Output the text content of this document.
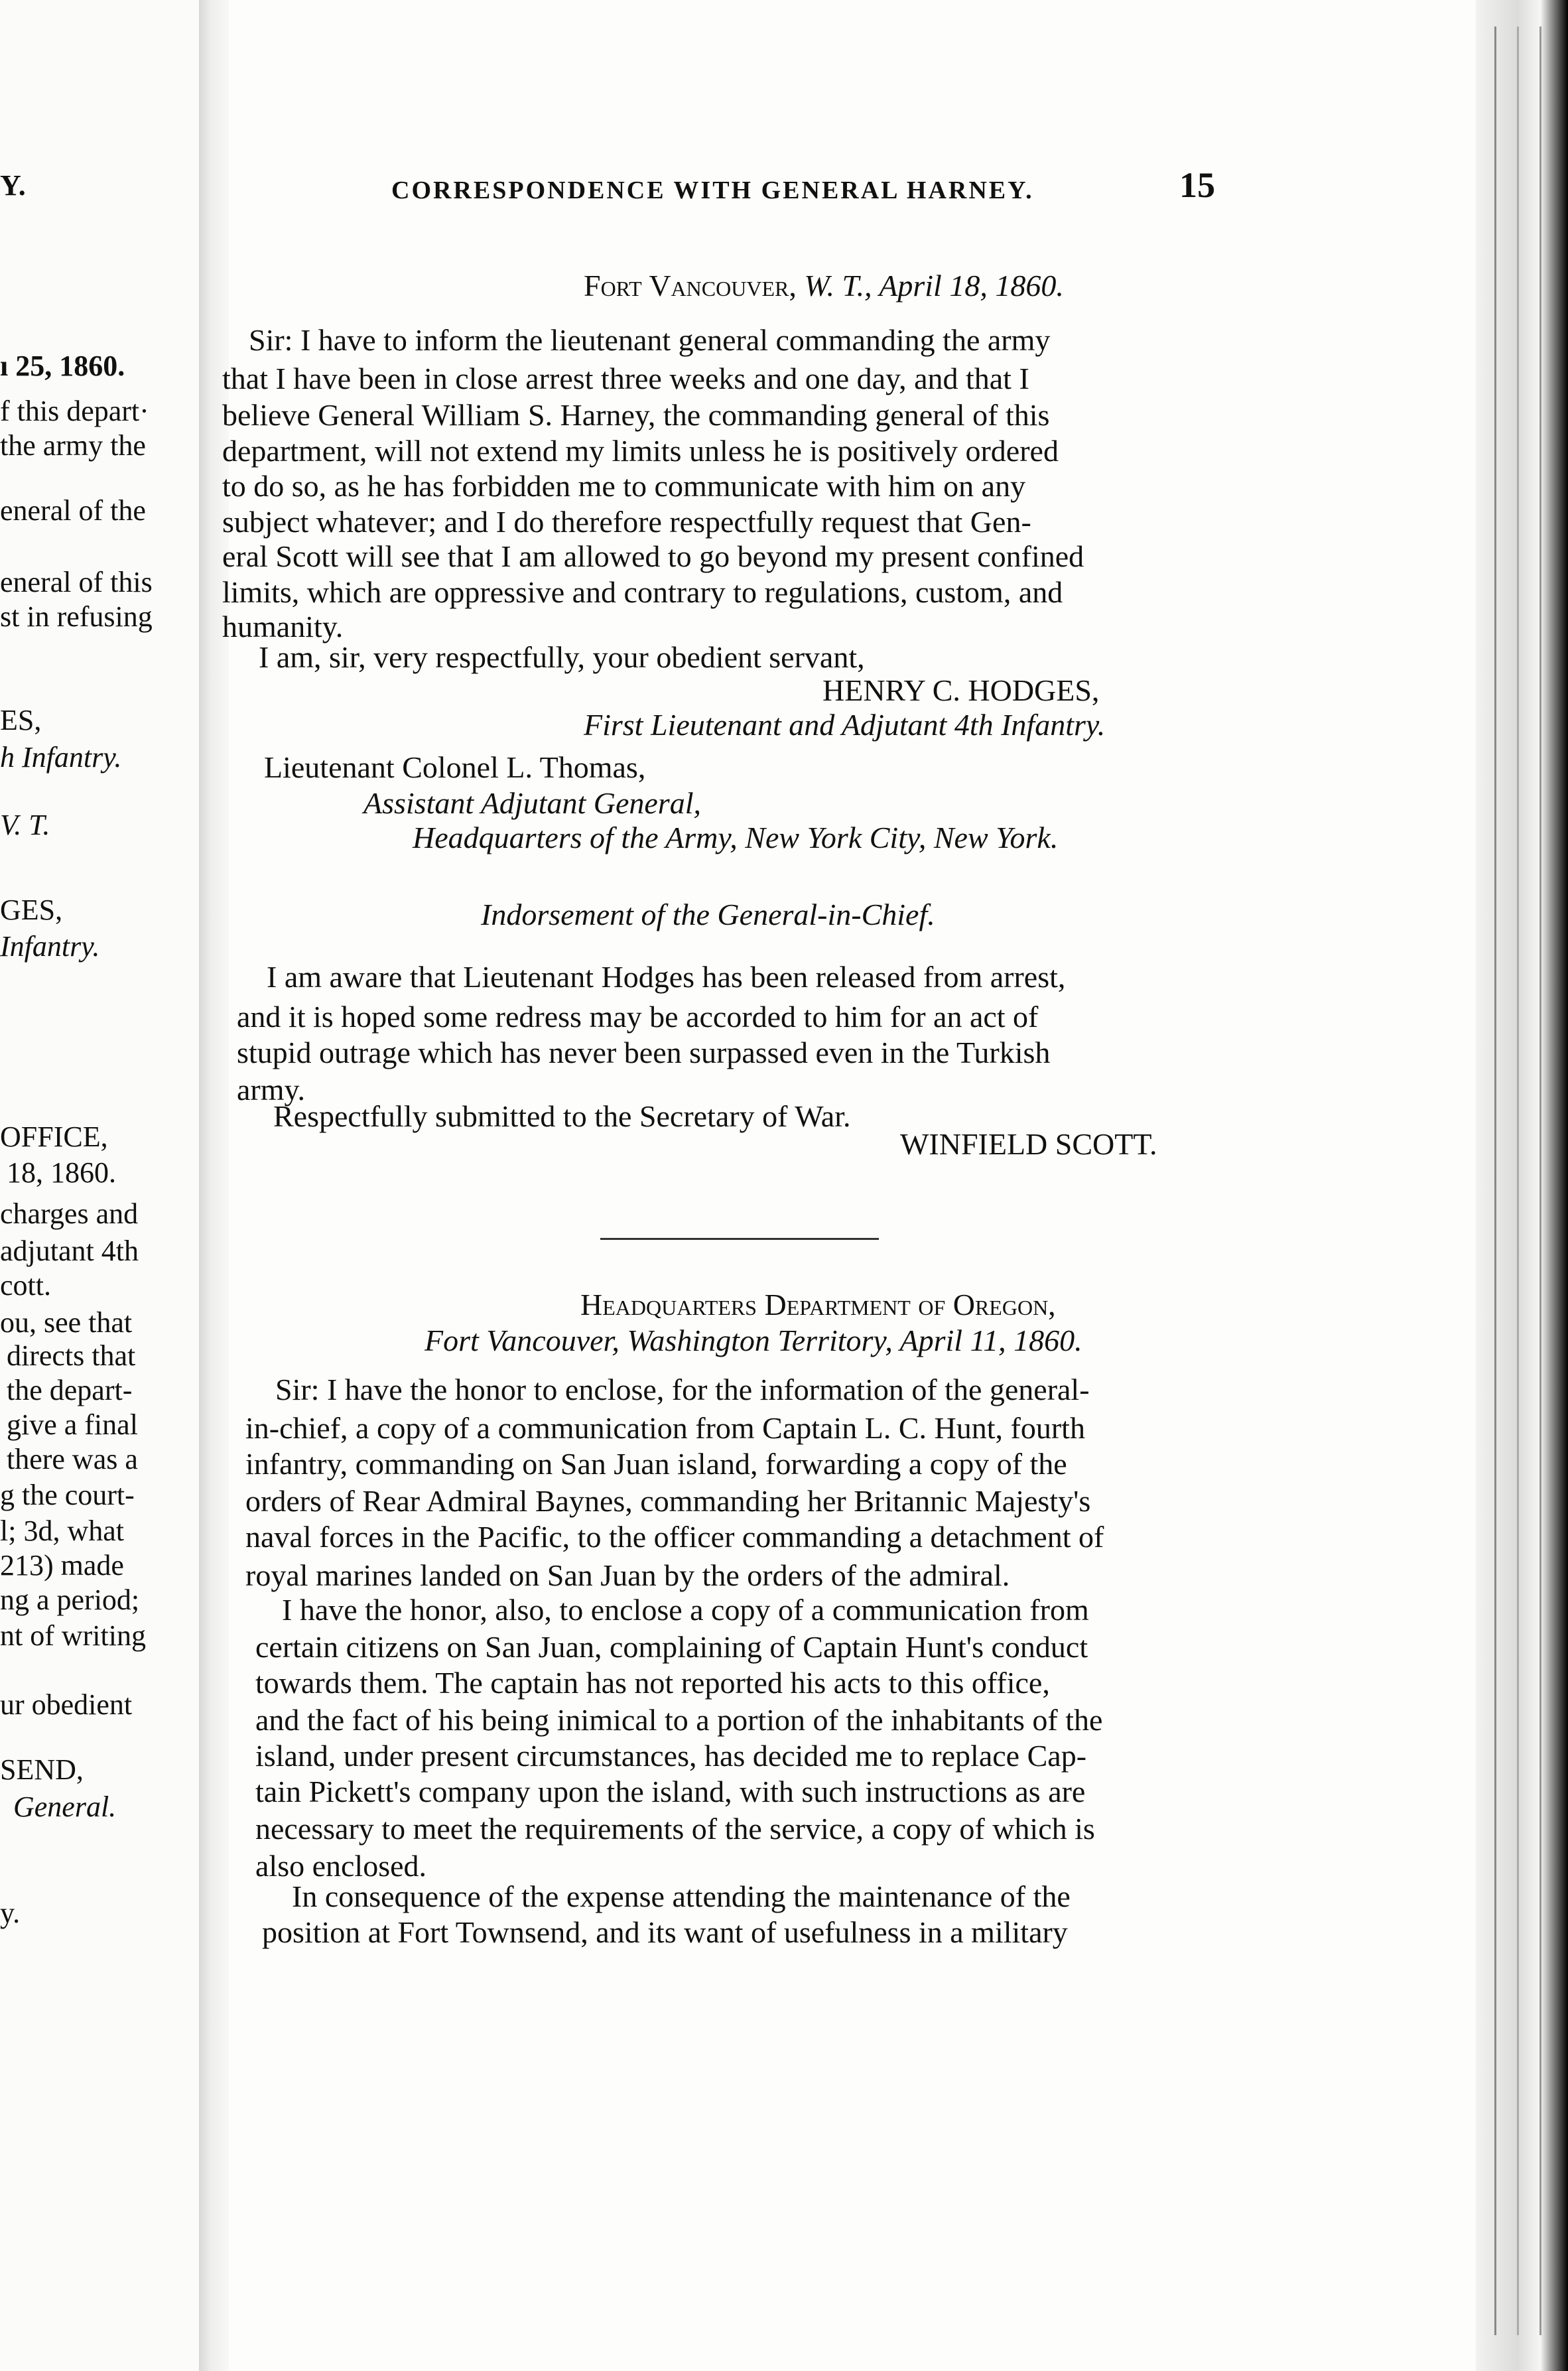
Y.
ı 25, 1860.
f this depart·
the army the
eneral of the
eneral of this
st in refusing
ES,
h Infantry.
V. T.
GES,
Infantry.
OFFICE,
18, 1860.
charges and
adjutant 4th
cott.
ou, see that
directs that
the depart-
give a final
there was a
g the court-
l; 3d, what
213) made
ng a period;
nt of writing
ur obedient
SEND,
General.
y.
CORRESPONDENCE WITH GENERAL HARNEY.	15
Fort Vancouver, W. T., April 18, 1860.
Sir: I have to inform the lieutenant general commanding the army
that I have been in close arrest three weeks and one day, and that I
believe General William S. Harney, the commanding general of this
department, will not extend my limits unless he is positively ordered
to do so, as he has forbidden me to communicate with him on any
subject whatever; and I do therefore respectfully request that Gen-
eral Scott will see that I am allowed to go beyond my present confined
limits, which are oppressive and contrary to regulations, custom, and
humanity.
I am, sir, very respectfully, your obedient servant,
HENRY C. HODGES,
First Lieutenant and Adjutant 4th Infantry.
Lieutenant Colonel L. Thomas,
Assistant Adjutant General,
Headquarters of the Army, New York City, New York.
Indorsement of the General-in-Chief.
I am aware that Lieutenant Hodges has been released from arrest,
and it is hoped some redress may be accorded to him for an act of
stupid outrage which has never been surpassed even in the Turkish
army.
Respectfully submitted to the Secretary of War.
WINFIELD SCOTT.
Headquarters Department of Oregon,
Fort Vancouver, Washington Territory, April 11, 1860.
Sir: I have the honor to enclose, for the information of the general-
in-chief, a copy of a communication from Captain L. C. Hunt, fourth
infantry, commanding on San Juan island, forwarding a copy of the
orders of Rear Admiral Baynes, commanding her Britannic Majesty's
naval forces in the Pacific, to the officer commanding a detachment of
royal marines landed on San Juan by the orders of the admiral.
I have the honor, also, to enclose a copy of a communication from
certain citizens on San Juan, complaining of Captain Hunt's conduct
towards them. The captain has not reported his acts to this office,
and the fact of his being inimical to a portion of the inhabitants of the
island, under present circumstances, has decided me to replace Cap-
tain Pickett's company upon the island, with such instructions as are
necessary to meet the requirements of the service, a copy of which is
also enclosed.
In consequence of the expense attending the maintenance of the
position at Fort Townsend, and its want of usefulness in a military
